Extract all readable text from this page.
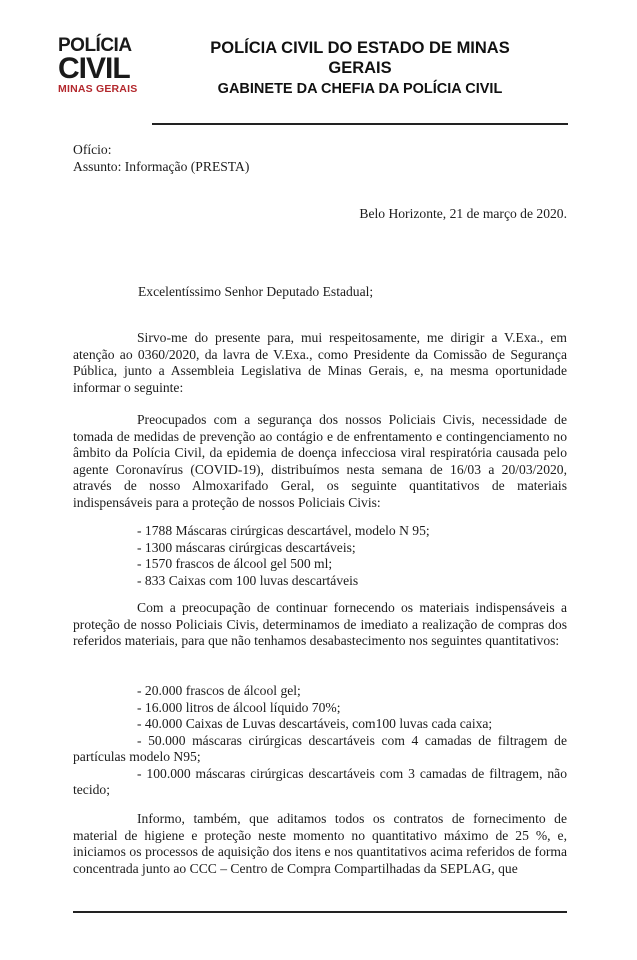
POLÍCIA
CIVIL
MINAS GERAIS
POLÍCIA CIVIL DO ESTADO DE MINAS
GERAIS
GABINETE DA CHEFIA DA POLÍCIA CIVIL
Ofício:
Assunto: Informação (PRESTA)
Belo Horizonte, 21 de março de 2020.
Excelentíssimo Senhor Deputado Estadual;
Sirvo-me do presente para, mui respeitosamente, me dirigir a V.Exa., em atenção ao 0360/2020, da lavra de V.Exa., como Presidente da Comissão de Segurança Pública, junto a Assembleia Legislativa de Minas Gerais, e, na mesma oportunidade informar o seguinte:
Preocupados com a segurança dos nossos Policiais Civis, necessidade de tomada de medidas de prevenção ao contágio e de enfrentamento e contingenciamento no âmbito da Polícia Civil, da epidemia de doença infecciosa viral respiratória causada pelo agente Coronavírus (COVID-19), distribuímos nesta semana de 16/03 a 20/03/2020, através de nosso Almoxarifado Geral, os seguinte quantitativos de materiais indispensáveis para a proteção de nossos Policiais Civis:
- 1788 Máscaras cirúrgicas descartável, modelo N 95;
- 1300 máscaras cirúrgicas descartáveis;
- 1570 frascos de álcool gel 500 ml;
- 833 Caixas com 100 luvas descartáveis
Com a preocupação de continuar fornecendo os materiais indispensáveis a proteção de nosso Policiais Civis, determinamos de imediato a realização de compras dos referidos materiais, para que não tenhamos desabastecimento nos seguintes quantitativos:
- 20.000 frascos de álcool gel;
- 16.000 litros de álcool líquido 70%;
- 40.000 Caixas de Luvas descartáveis, com100 luvas cada caixa;
- 50.000 máscaras cirúrgicas descartáveis com 4 camadas de filtragem de partículas modelo N95;
- 100.000 máscaras cirúrgicas descartáveis com 3 camadas de filtragem, não tecido;
Informo, também, que aditamos todos os contratos de fornecimento de material de higiene e proteção neste momento no quantitativo máximo de 25 %, e, iniciamos os processos de aquisição dos itens e nos quantitativos acima referidos de forma concentrada junto ao CCC – Centro de Compra Compartilhadas da SEPLAG, que
